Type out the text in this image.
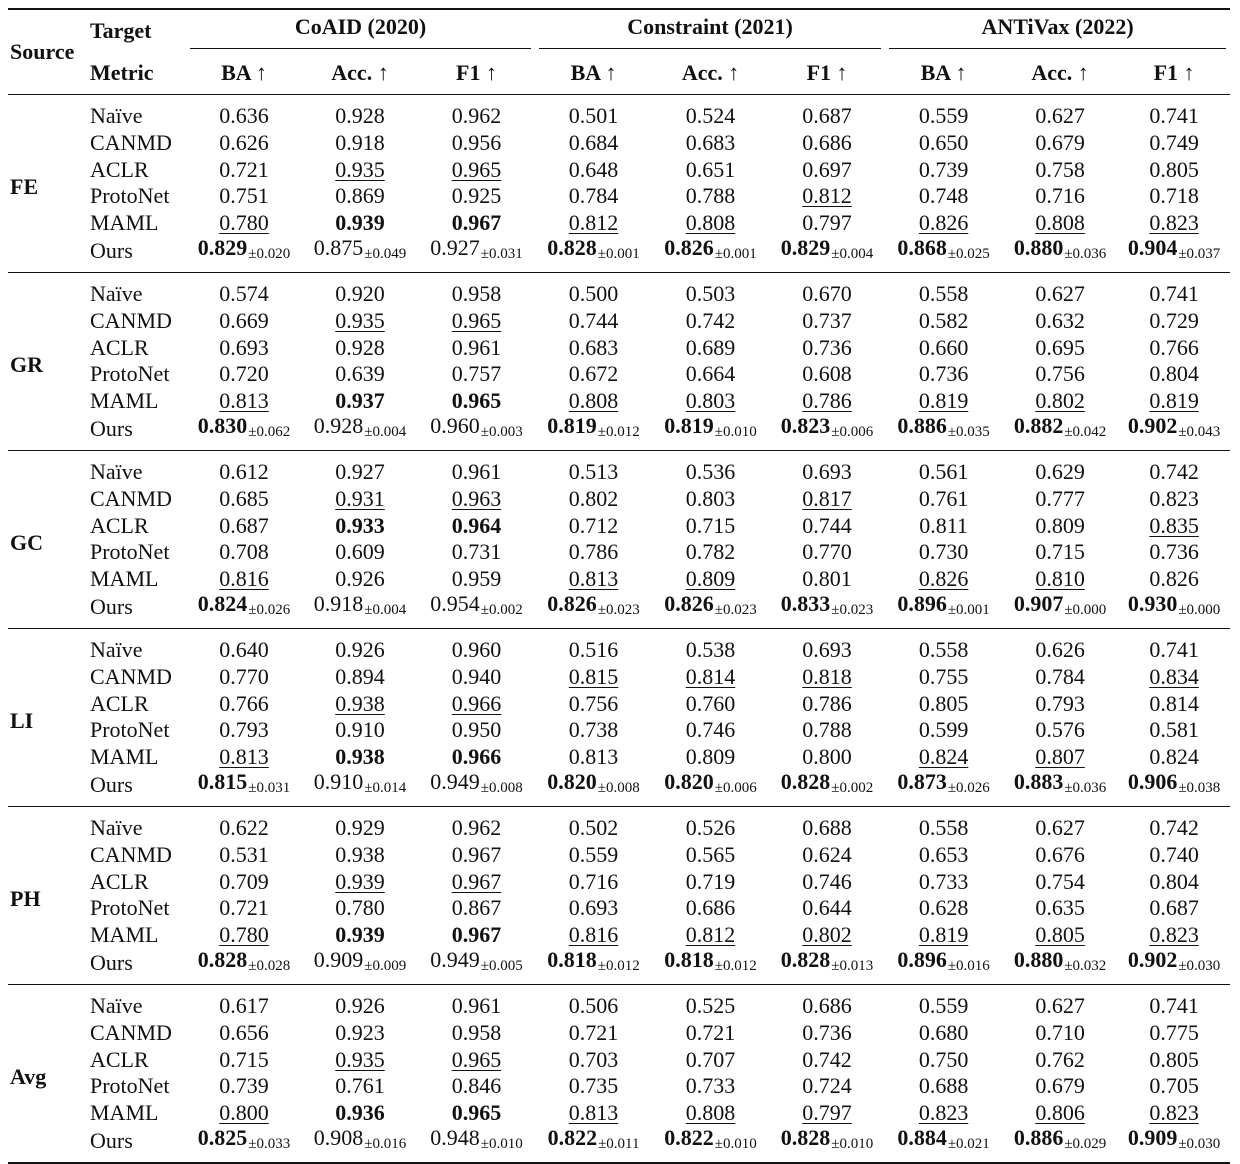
Source	Target	CoAID (2020)			Constraint (2021)			ANTiVax (2022)		

	Metric	BA ↑	Acc. ↑	F1 ↑	BA ↑	Acc. ↑	F1 ↑	BA ↑	Acc. ↑	F1 ↑
FE	Naïve	0.636	0.928	0.962	0.501	0.524	0.687	0.559	0.627	0.741
	CANMD	0.626	0.918	0.956	0.684	0.683	0.686	0.650	0.679	0.749
	ACLR	0.721	0.935	0.965	0.648	0.651	0.697	0.739	0.758	0.805
	ProtoNet	0.751	0.869	0.925	0.784	0.788	0.812	0.748	0.716	0.718
	MAML	0.780	0.939	0.967	0.812	0.808	0.797	0.826	0.808	0.823
	Ours	0.829±0.020	0.875±0.049	0.927±0.031	0.828±0.001	0.826±0.001	0.829±0.004	0.868±0.025	0.880±0.036	0.904±0.037
GR	Naïve	0.574	0.920	0.958	0.500	0.503	0.670	0.558	0.627	0.741
	CANMD	0.669	0.935	0.965	0.744	0.742	0.737	0.582	0.632	0.729
	ACLR	0.693	0.928	0.961	0.683	0.689	0.736	0.660	0.695	0.766
	ProtoNet	0.720	0.639	0.757	0.672	0.664	0.608	0.736	0.756	0.804
	MAML	0.813	0.937	0.965	0.808	0.803	0.786	0.819	0.802	0.819
	Ours	0.830±0.062	0.928±0.004	0.960±0.003	0.819±0.012	0.819±0.010	0.823±0.006	0.886±0.035	0.882±0.042	0.902±0.043
GC	Naïve	0.612	0.927	0.961	0.513	0.536	0.693	0.561	0.629	0.742
	CANMD	0.685	0.931	0.963	0.802	0.803	0.817	0.761	0.777	0.823
	ACLR	0.687	0.933	0.964	0.712	0.715	0.744	0.811	0.809	0.835
	ProtoNet	0.708	0.609	0.731	0.786	0.782	0.770	0.730	0.715	0.736
	MAML	0.816	0.926	0.959	0.813	0.809	0.801	0.826	0.810	0.826
	Ours	0.824±0.026	0.918±0.004	0.954±0.002	0.826±0.023	0.826±0.023	0.833±0.023	0.896±0.001	0.907±0.000	0.930±0.000
LI	Naïve	0.640	0.926	0.960	0.516	0.538	0.693	0.558	0.626	0.741
	CANMD	0.770	0.894	0.940	0.815	0.814	0.818	0.755	0.784	0.834
	ACLR	0.766	0.938	0.966	0.756	0.760	0.786	0.805	0.793	0.814
	ProtoNet	0.793	0.910	0.950	0.738	0.746	0.788	0.599	0.576	0.581
	MAML	0.813	0.938	0.966	0.813	0.809	0.800	0.824	0.807	0.824
	Ours	0.815±0.031	0.910±0.014	0.949±0.008	0.820±0.008	0.820±0.006	0.828±0.002	0.873±0.026	0.883±0.036	0.906±0.038
PH	Naïve	0.622	0.929	0.962	0.502	0.526	0.688	0.558	0.627	0.742
	CANMD	0.531	0.938	0.967	0.559	0.565	0.624	0.653	0.676	0.740
	ACLR	0.709	0.939	0.967	0.716	0.719	0.746	0.733	0.754	0.804
	ProtoNet	0.721	0.780	0.867	0.693	0.686	0.644	0.628	0.635	0.687
	MAML	0.780	0.939	0.967	0.816	0.812	0.802	0.819	0.805	0.823
	Ours	0.828±0.028	0.909±0.009	0.949±0.005	0.818±0.012	0.818±0.012	0.828±0.013	0.896±0.016	0.880±0.032	0.902±0.030
Avg	Naïve	0.617	0.926	0.961	0.506	0.525	0.686	0.559	0.627	0.741
	CANMD	0.656	0.923	0.958	0.721	0.721	0.736	0.680	0.710	0.775
	ACLR	0.715	0.935	0.965	0.703	0.707	0.742	0.750	0.762	0.805
	ProtoNet	0.739	0.761	0.846	0.735	0.733	0.724	0.688	0.679	0.705
	MAML	0.800	0.936	0.965	0.813	0.808	0.797	0.823	0.806	0.823
	Ours	0.825±0.033	0.908±0.016	0.948±0.010	0.822±0.011	0.822±0.010	0.828±0.010	0.884±0.021	0.886±0.029	0.909±0.030
